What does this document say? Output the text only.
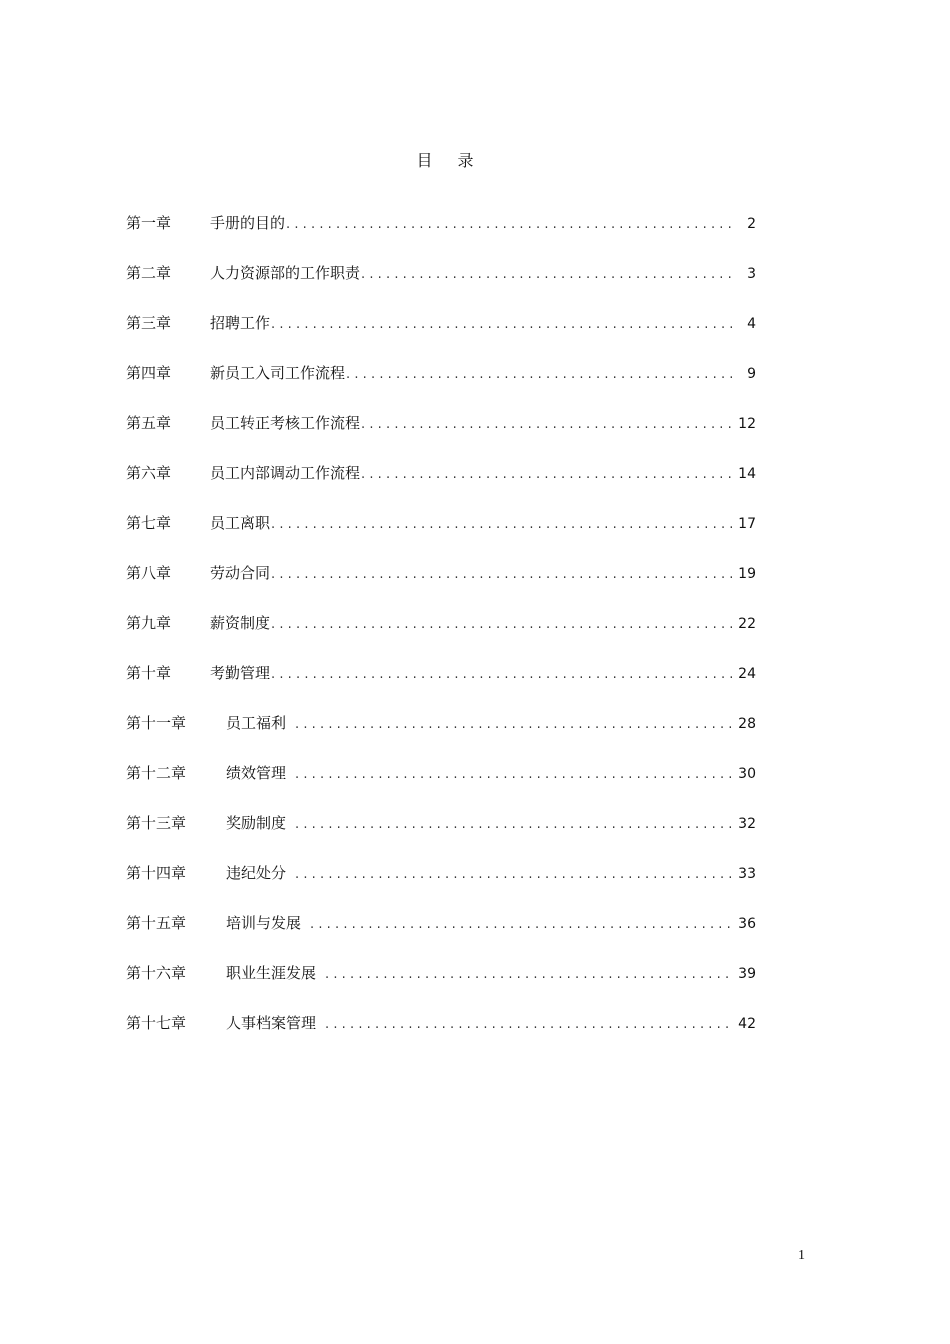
目 录
第一章	手册的目的 .....	2
第二章	人力资源部的工作职责 .....	3
第三章	招聘工作 .....	4
第四章	新员工入司工作流程 .....	9
第五章	员工转正考核工作流程 .....	12
第六章	员工内部调动工作流程 .....	14
第七章	员工离职 .....	17
第八章	劳动合同 .....	19
第九章	薪资制度 .....	22
第十章	考勤管理 .....	24
第十一章	员工福利 .....	28
第十二章	绩效管理 .....	30
第十三章	奖励制度 .....	32
第十四章	违纪处分 .....	33
第十五章	培训与发展 .....	36
第十六章	职业生涯发展 .....	39
第十七章	人事档案管理 .....	42
1
